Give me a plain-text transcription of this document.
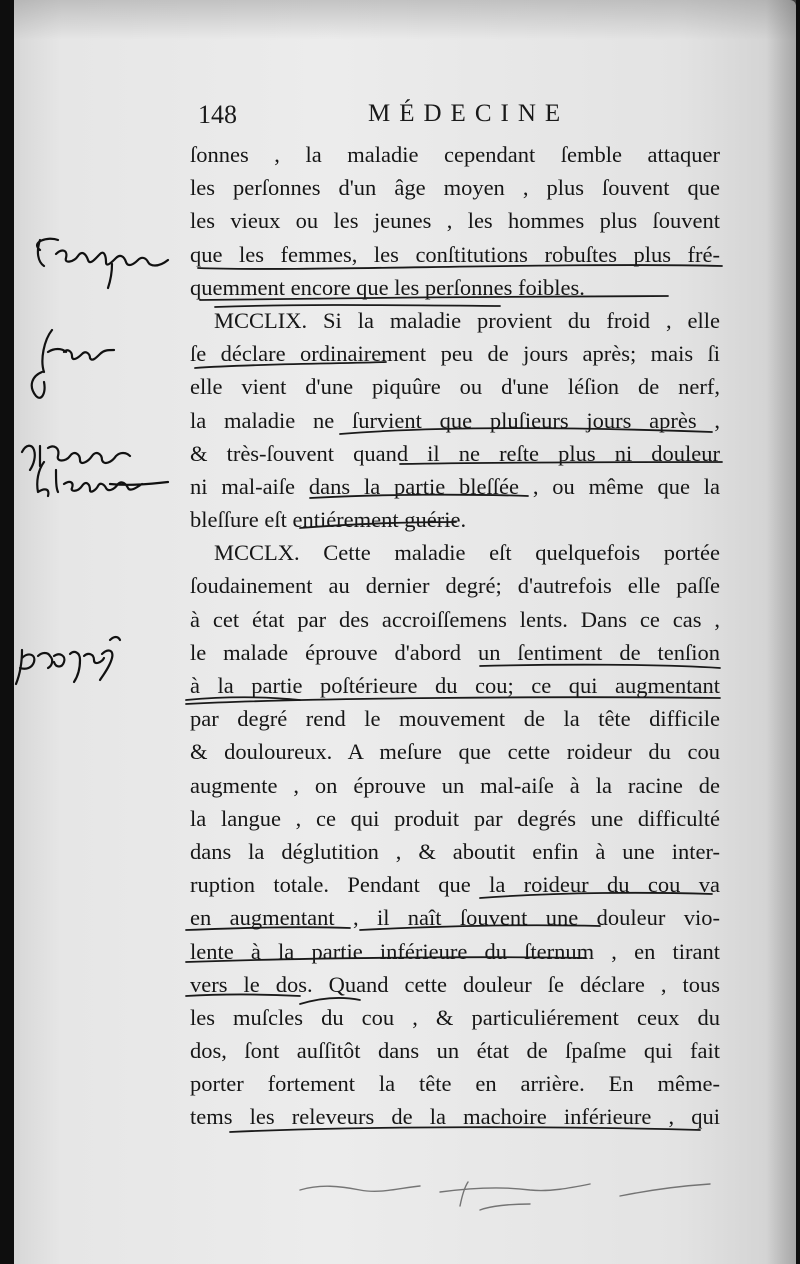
148	MÉDECINE
ſonnes , la maladie cependant ſemble attaquer
les perſonnes d'un âge moyen , plus ſouvent que
les vieux ou les jeunes , les hommes plus ſouvent
que les femmes, les conſtitutions robuſtes plus fré-
quemment encore que les perſonnes foibles.
MCCLIX. Si la maladie provient du froid , elle
ſe déclare ordinairement peu de jours après; mais ſi
elle vient d'une piquûre ou d'une léſion de nerf,
la maladie ne ſurvient que pluſieurs jours après ,
& très-ſouvent quand il ne reſte plus ni douleur
ni mal-aiſe dans la partie bleſſée , ou même que la
bleſſure eſt entiérement guérie.
MCCLX. Cette maladie eſt quelquefois portée
ſoudainement au dernier degré; d'autrefois elle paſſe
à cet état par des accroiſſemens lents. Dans ce cas ,
le malade éprouve d'abord un ſentiment de tenſion
à la partie poſtérieure du cou; ce qui augmentant
par degré rend le mouvement de la tête difficile
& douloureux. A meſure que cette roideur du cou
augmente , on éprouve un mal-aiſe à la racine de
la langue , ce qui produit par degrés une difficulté
dans la déglutition , & aboutit enfin à une inter-
ruption totale. Pendant que la roideur du cou va
en augmentant , il naît ſouvent une douleur vio-
lente à la partie inférieure du ſternum , en tirant
vers le dos. Quand cette douleur ſe déclare , tous
les muſcles du cou , & particuliérement ceux du
dos, ſont auſſitôt dans un état de ſpaſme qui fait
porter fortement la tête en arrière. En même-
tems les releveurs de la machoire inférieure , qui
